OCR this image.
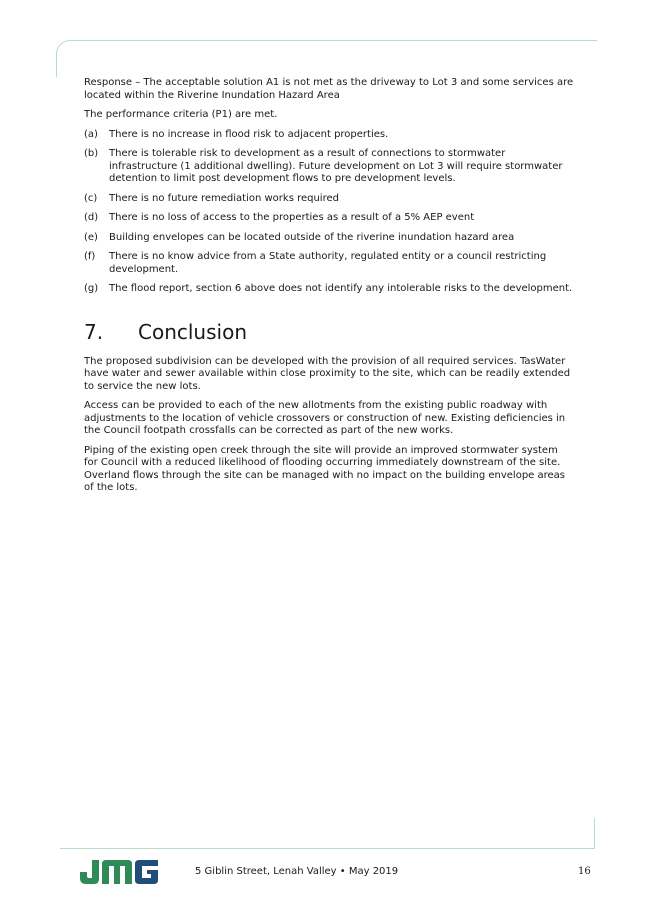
Response – The acceptable solution A1 is not met as the driveway to Lot 3 and some services are located within the Riverine Inundation Hazard Area

The performance criteria (P1) are met.

(a)	There is no increase in flood risk to adjacent properties.
(b)	There is tolerable risk to development as a result of connections to stormwater infrastructure (1 additional dwelling). Future development on Lot 3 will require stormwater detention to limit post development flows to pre development levels.
(c)	There is no future remediation works required
(d)	There is no loss of access to the properties as a result of a 5% AEP event
(e)	Building envelopes can be located outside of the riverine inundation hazard area
(f)	There is no know advice from a State authority, regulated entity or a council restricting development.
(g)	The flood report, section 6 above does not identify any intolerable risks to the development.
7.	Conclusion

The proposed subdivision can be developed with the provision of all required services. TasWater have water and sewer available within close proximity to the site, which can be readily extended to service the new lots.

Access can be provided to each of the new allotments from the existing public roadway with adjustments to the location of vehicle crossovers or construction of new. Existing deficiencies in the Council footpath crossfalls can be corrected as part of the new works.

Piping of the existing open creek through the site will provide an improved stormwater system for Council with a reduced likelihood of flooding occurring immediately downstream of the site. Overland flows through the site can be managed with no impact on the building envelope areas of the lots.

5 Giblin Street, Lenah Valley • May 2019	16
